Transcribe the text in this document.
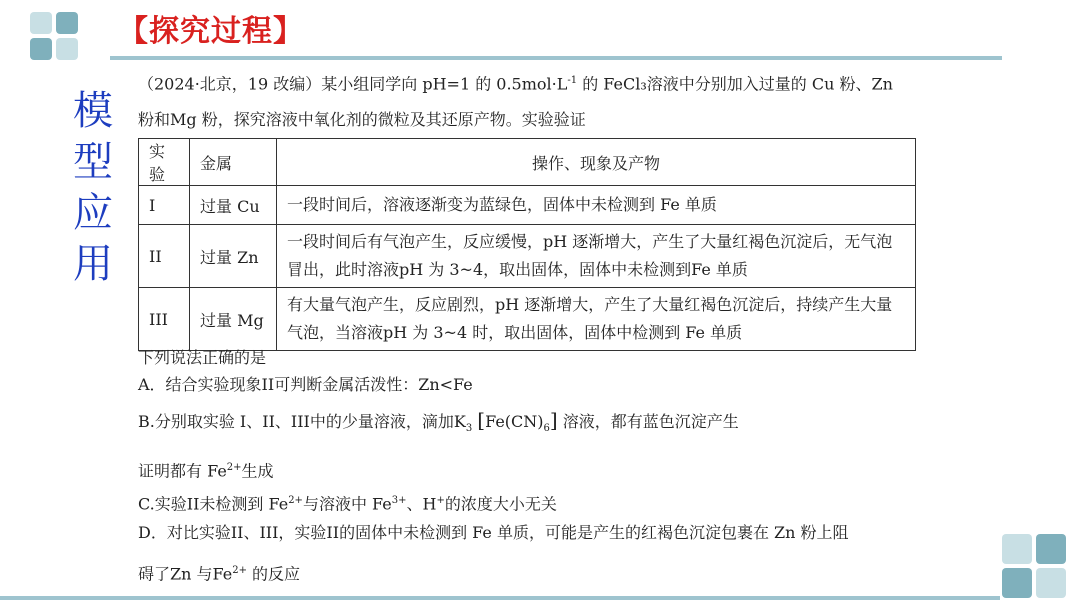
【探究过程】
模
型
应
用

（2024·北京，19 改编）某小组同学向 pH=1 的 $0.5mol\cdot L^{-1}$ 的 FeCl₃溶液中分别加入过量的 Cu 粉、Zn

粉和Mg 粉，探究溶液中氧化剂的微粒及其还原产物。实验验证

实验	金属	操作、现象及产物
I	过量 Cu	一段时间后，溶液逐渐变为蓝绿色，固体中未检测到 Fe 单质
II	过量 Zn	一段时间后有气泡产生，反应缓慢，pH 逐渐增大，产生了大量红褐色沉淀后，无气泡冒出，此时溶液pH 为 3~4，取出固体，固体中未检测到Fe 单质
III	过量 Mg	有大量气泡产生，反应剧烈，pH 逐渐增大，产生了大量红褐色沉淀后，持续产生大量气泡，当溶液pH 为 3~4 时，取出固体，固体中检测到 Fe 单质

下列说法正确的是

A．结合实验现象II可判断金属活泼性：Zn<Fe

B.分别取实验 I、II、III中的少量溶液，滴加$K_3$ $[Fe(CN)_6]$ 溶液，都有蓝色沉淀产生

证明都有 $Fe^{2+}$生成

C.实验II未检测到 $Fe^{2+}$与溶液中 $Fe^{3+}$、H+的浓度大小无关

D．对比实验II、III，实验II的固体中未检测到 Fe 单质，可能是产生的红褐色沉淀包裹在 Zn 粉上阻

碍了Zn 与$Fe^{2+}$ 的反应
